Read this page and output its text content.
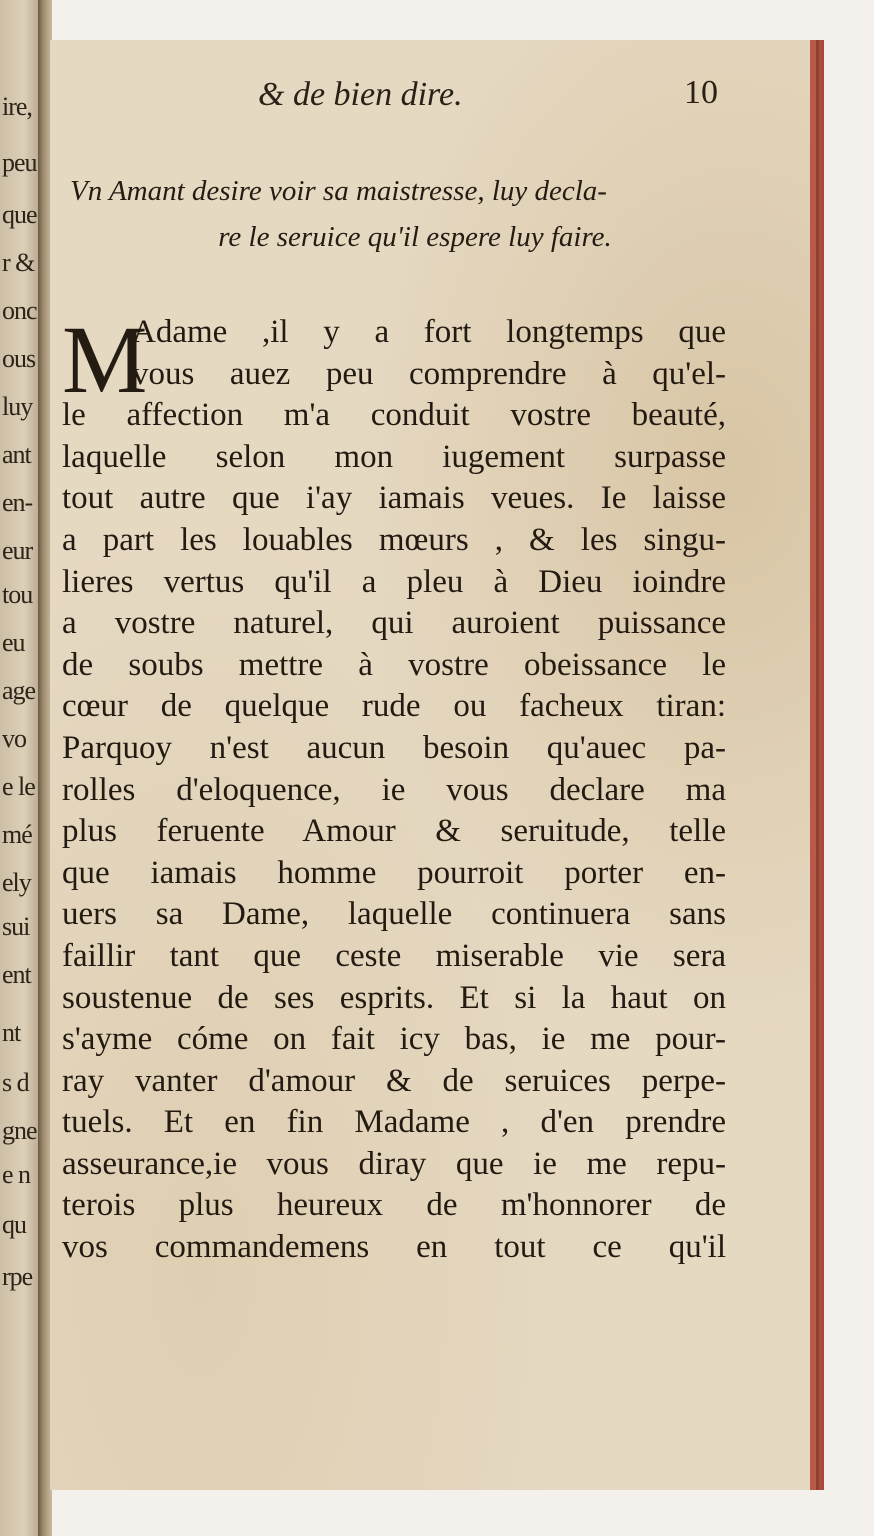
ire,
peu
que
r &
onc
ous
luy
ant
en-
eur
tou
eu
age
vo
e le
mé
ely
sui
ent
nt
s d
gne
e n
qu
rpe
& de bien dire.	10
Vn Amant desire voir sa maistresse, luy decla-
re le seruice qu'il espere luy faire.
M
Adame ,il y a fort longtemps que
vous auez peu comprendre à qu'el-
le affection m'a conduit vostre beauté,
laquelle selon mon iugement surpasse
tout autre que i'ay iamais veues. Ie laisse
a part les louables mœurs , & les singu-
lieres vertus qu'il a pleu à Dieu ioindre
a vostre naturel, qui auroient puissance
de soubs mettre à vostre obeissance le
cœur de quelque rude ou facheux tiran:
Parquoy n'est aucun besoin qu'auec pa-
rolles d'eloquence, ie vous declare ma
plus feruente Amour & seruitude, telle
que iamais homme pourroit porter en-
uers sa Dame, laquelle continuera sans
faillir tant que ceste miserable vie sera
soustenue de ses esprits. Et si la haut on
s'ayme cóme on fait icy bas, ie me pour-
ray vanter d'amour & de seruices perpe-
tuels. Et en fin Madame , d'en prendre
asseurance,ie vous diray que ie me repu-
terois plus heureux de m'honnorer de
vos commandemens en tout ce qu'il
